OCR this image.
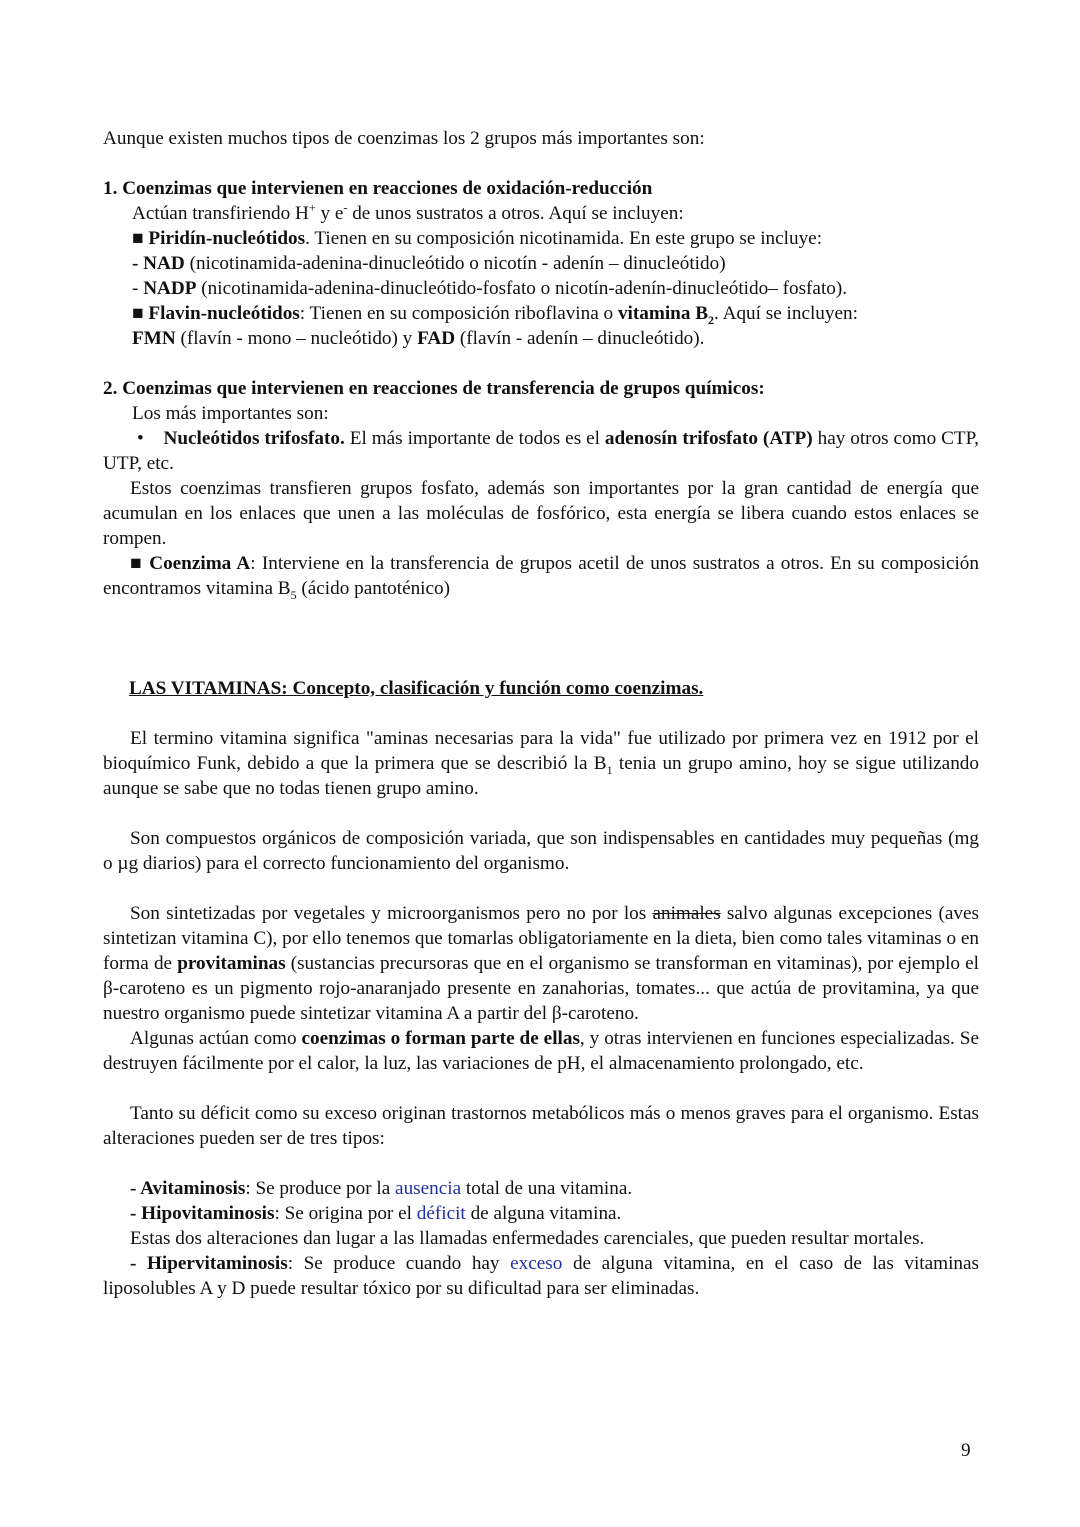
Aunque existen muchos tipos de coenzimas los 2 grupos más importantes son:

1. Coenzimas que intervienen en reacciones de oxidación-reducción

Actúan transfiriendo H+ y e- de unos sustratos a otros. Aquí se incluyen:

■ Piridín-nucleótidos. Tienen en su composición nicotinamida. En este grupo se incluye:

- NAD (nicotinamida-adenina-dinucleótido o nicotín - adenín – dinucleótido)

- NADP (nicotinamida-adenina-dinucleótido-fosfato o nicotín-adenín-dinucleótido– fosfato).

■ Flavin-nucleótidos: Tienen en su composición riboflavina o vitamina $B_2$. Aquí se incluyen:

FMN (flavín - mono – nucleótido) y FAD (flavín - adenín – dinucleótido).

2. Coenzimas que intervienen en reacciones de transferencia de grupos químicos:

Los más importantes son:

• Nucleótidos trifosfato. El más importante de todos es el adenosín trifosfato (ATP) hay otros como CTP, UTP, etc.

Estos coenzimas transfieren grupos fosfato, además son importantes por la gran cantidad de energía que acumulan en los enlaces que unen a las moléculas de fosfórico, esta energía se libera cuando estos enlaces se rompen.

■ Coenzima A: Interviene en la transferencia de grupos acetil de unos sustratos a otros. En su composición encontramos vitamina $B_5$ (ácido pantoténico)

LAS VITAMINAS: Concepto, clasificación y función como coenzimas.

El termino vitamina significa "aminas necesarias para la vida" fue utilizado por primera vez en 1912 por el bioquímico Funk, debido a que la primera que se describió la $B_1$ tenia un grupo amino, hoy se sigue utilizando aunque se sabe que no todas tienen grupo amino.

Son compuestos orgánicos de composición variada, que son indispensables en cantidades muy pequeñas (mg o µg diarios) para el correcto funcionamiento del organismo.

Son sintetizadas por vegetales y microorganismos pero no por los animales salvo algunas excepciones (aves sintetizan vitamina C), por ello tenemos que tomarlas obligatoriamente en la dieta, bien como tales vitaminas o en forma de provitaminas (sustancias precursoras que en el organismo se transforman en vitaminas), por ejemplo el β-caroteno es un pigmento rojo-anaranjado presente en zanahorias, tomates... que actúa de provitamina, ya que nuestro organismo puede sintetizar vitamina A a partir del β-caroteno.

Algunas actúan como coenzimas o forman parte de ellas, y otras intervienen en funciones especializadas. Se destruyen fácilmente por el calor, la luz, las variaciones de pH, el almacenamiento prolongado, etc.

Tanto su déficit como su exceso originan trastornos metabólicos más o menos graves para el organismo. Estas alteraciones pueden ser de tres tipos:

- Avitaminosis: Se produce por la ausencia total de una vitamina.

- Hipovitaminosis: Se origina por el déficit de alguna vitamina.

Estas dos alteraciones dan lugar a las llamadas enfermedades carenciales, que pueden resultar mortales.

- Hipervitaminosis: Se produce cuando hay exceso de alguna vitamina, en el caso de las vitaminas liposolubles A y D puede resultar tóxico por su dificultad para ser eliminadas.

9
